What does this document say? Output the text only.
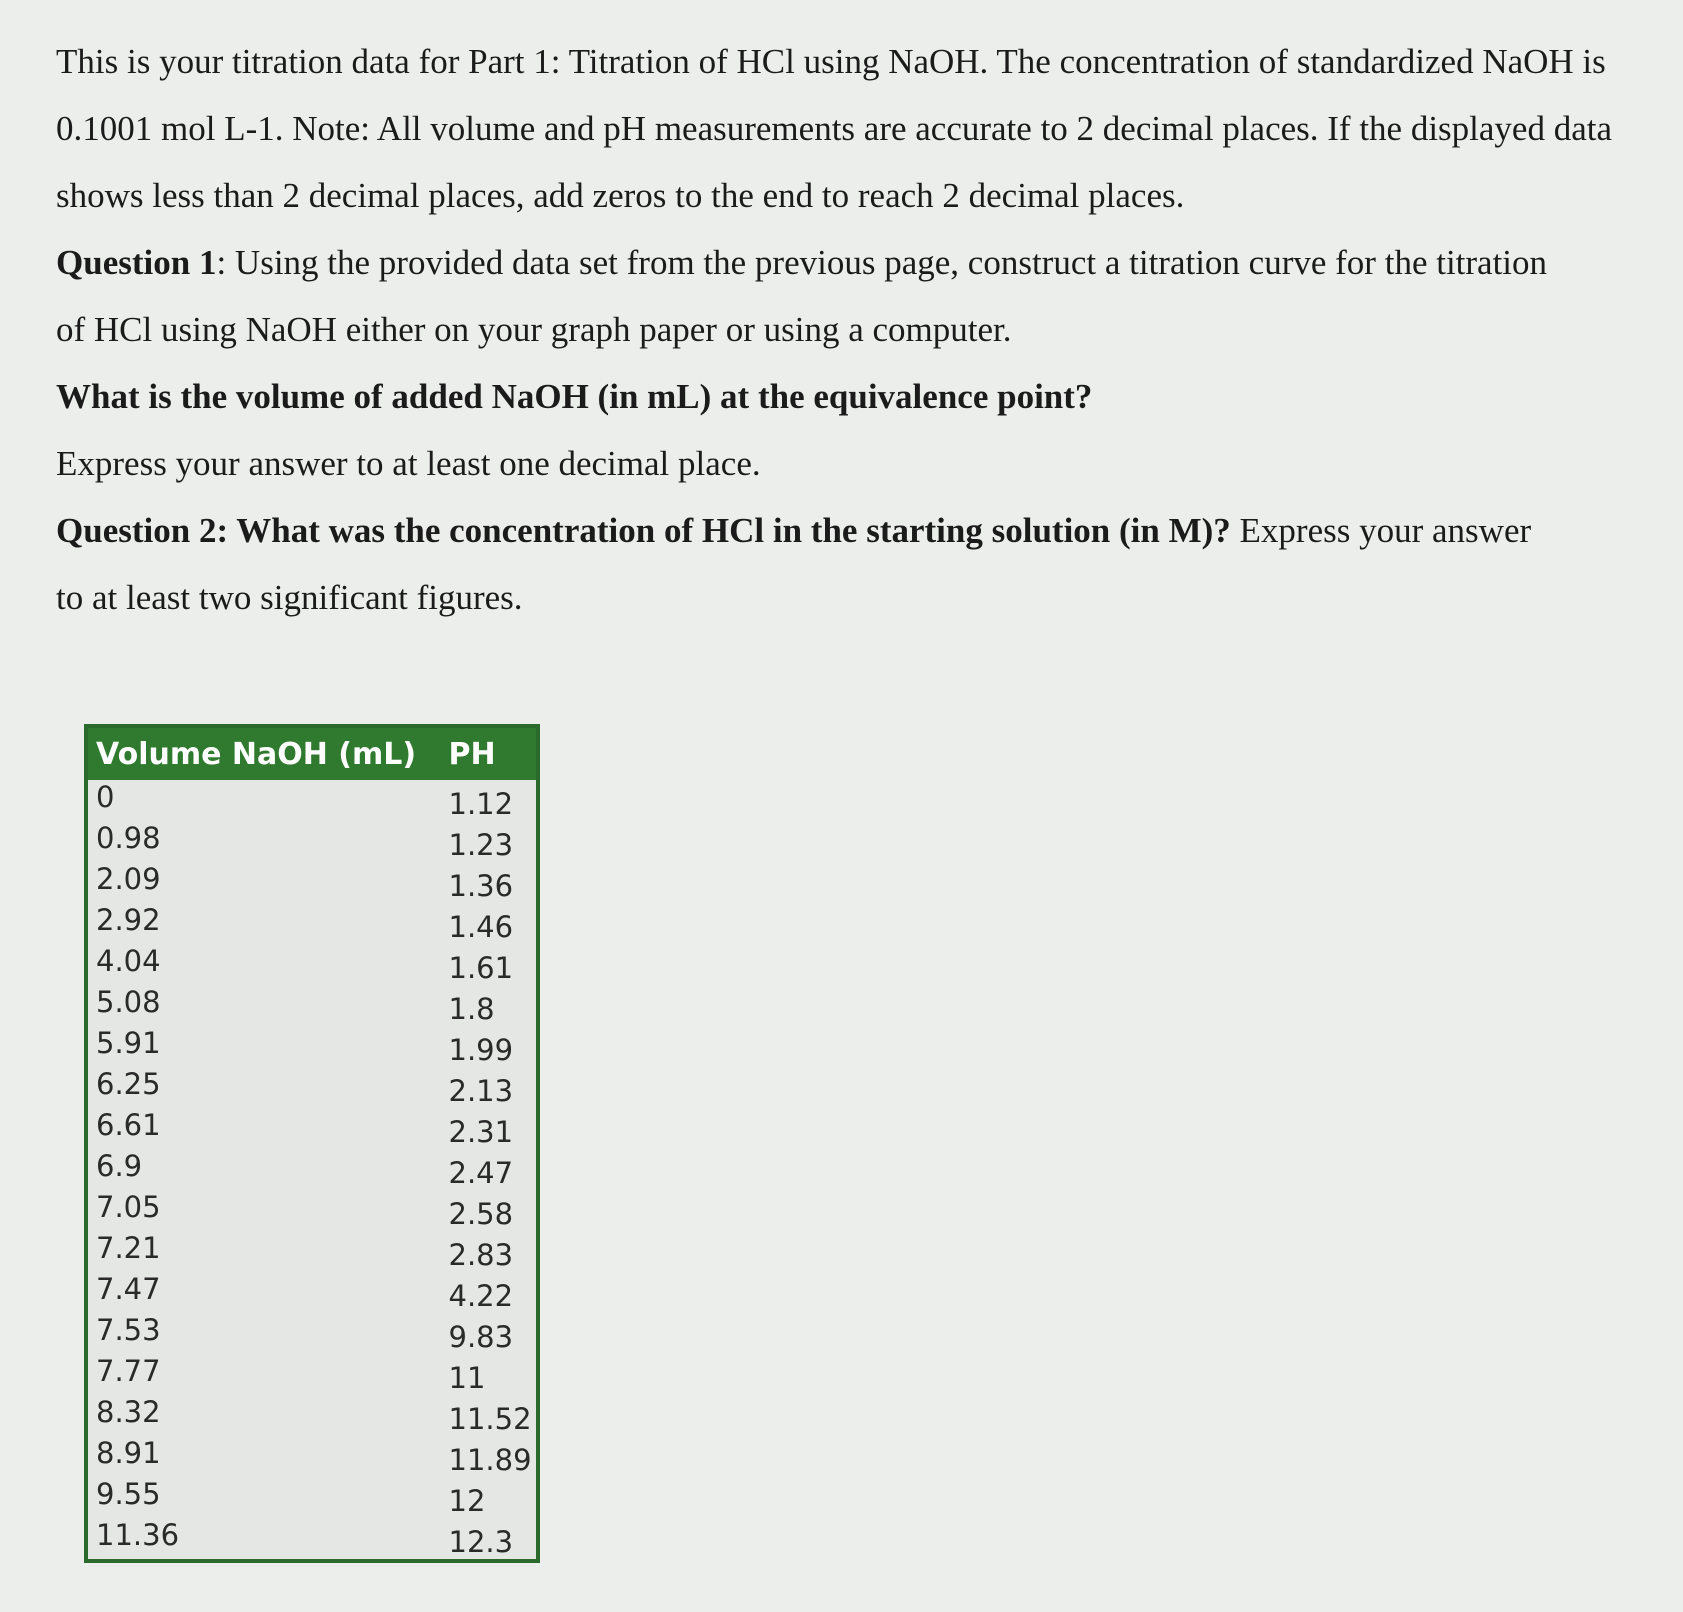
This is your titration data for Part 1: Titration of HCl using NaOH. The concentration of standardized NaOH is 0.1001 mol L-1. Note: All volume and pH measurements are accurate to 2 decimal places. If the displayed data shows less than 2 decimal places, add zeros to the end to reach 2 decimal places.

Question 1: Using the provided data set from the previous page, construct a titration curve for the titration of HCl using NaOH either on your graph paper or using a computer.

What is the volume of added NaOH (in mL) at the equivalence point?

Express your answer to at least one decimal place.

Question 2: What was the concentration of HCl in the starting solution (in M)? Express your answer to at least two significant figures.

Volume NaOH (mL)	PH
0	1.12
0.98	1.23
2.09	1.36
2.92	1.46
4.04	1.61
5.08	1.8
5.91	1.99
6.25	2.13
6.61	2.31
6.9	2.47
7.05	2.58
7.21	2.83
7.47	4.22
7.53	9.83
7.77	11
8.32	11.52
8.91	11.89
9.55	12
11.36	12.3
